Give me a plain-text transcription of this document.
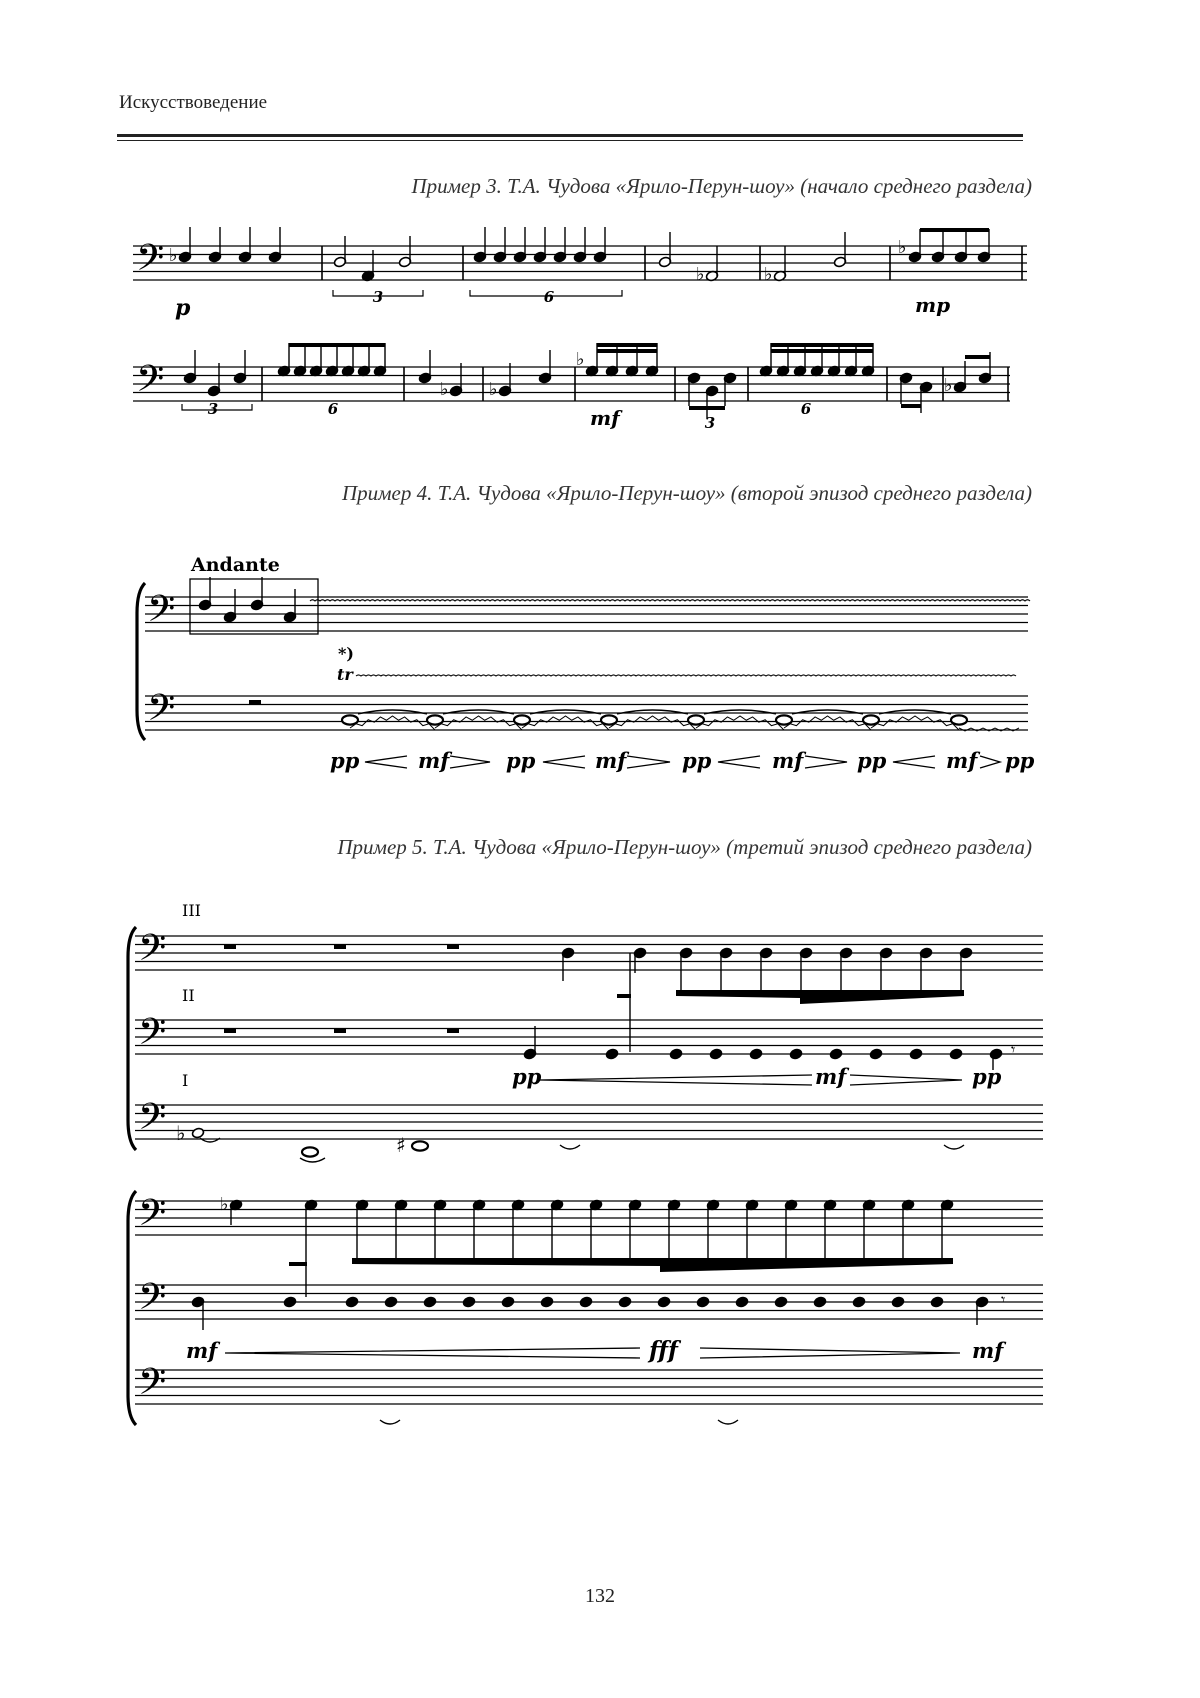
Искусствоведение
Пример 3. Т.А. Чудова «Ярило-Перун-шоу» (начало среднего раздела)
Пример 4. Т.А. Чудова «Ярило-Перун-шоу» (второй эпизод среднего раздела)
Пример 5. Т.А. Чудова «Ярило-Перун-шоу» (третий эпизод среднего раздела)
𝄢
𝄢
♭
♭	♭
♭
♭ ♭
♭
♭
𝄢
𝄢
𝄢
𝄢
𝄢
𝄾
♭	♯
𝄢
𝄢
𝄢
♭
𝄾
3	6
3	6
3
6
p	mp
mf
Andante
*)
tr
pp	mf	pp	mf	pp	mf	pp	mf pp
III
II
I	pp	mf	pp
mf	fff	mf
132
